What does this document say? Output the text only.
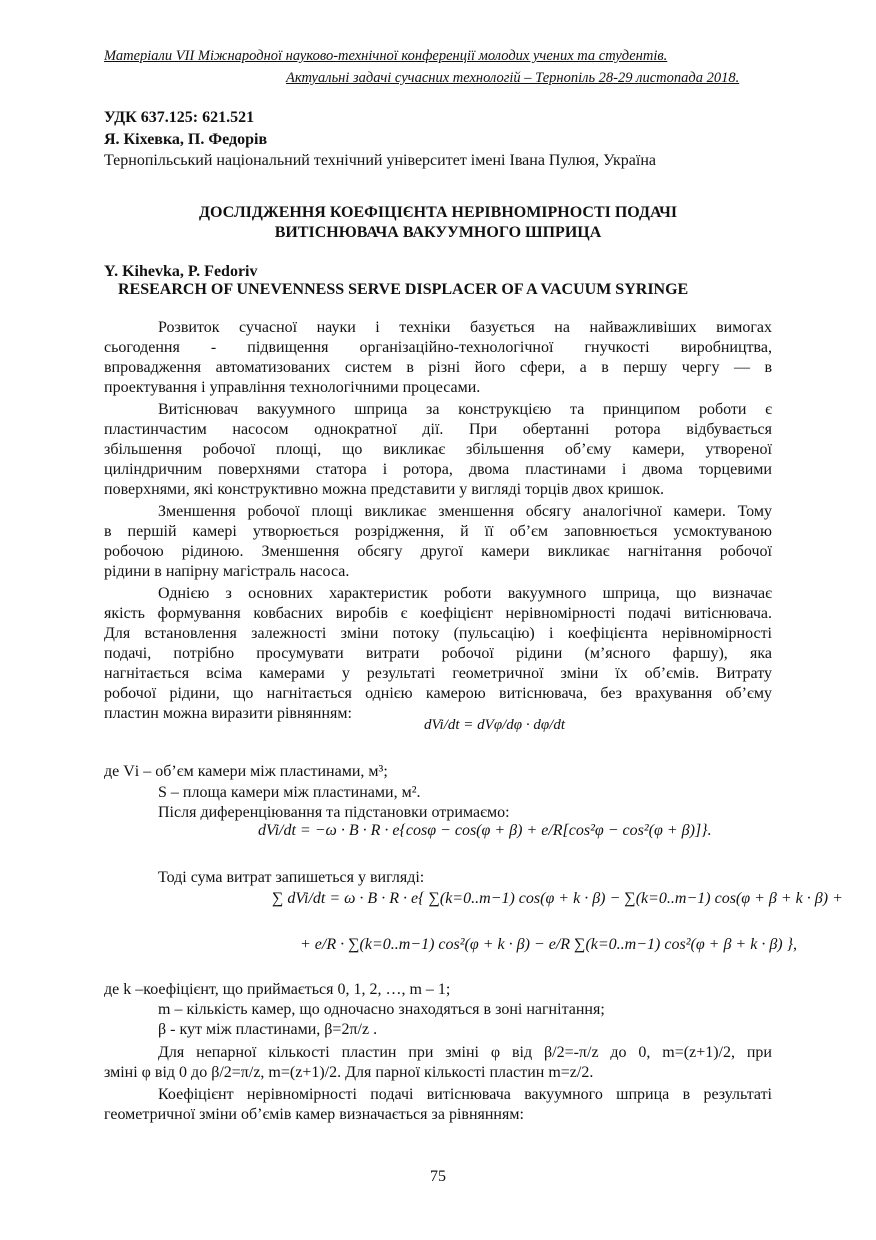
Матеріали VII Міжнародної науково-технічної конференції молодих учених та студентів.
Актуальні задачі сучасних технологій – Тернопіль 28-29 листопада 2018.
УДК 637.125: 621.521
Я. Кіхевка, П. Федорів
Тернопільський національний технічний університет імені Івана Пулюя, Україна
ДОСЛІДЖЕННЯ КОЕФІЦІЄНТА НЕРІВНОМІРНОСТІ ПОДАЧІ
ВИТІСНЮВАЧА ВАКУУМНОГО ШПРИЦА
Y. Kihevka, P. Fedoriv
RESEARCH OF UNEVENNESS SERVE DISPLACER OF A VACUUM SYRINGE
Розвиток сучасної науки і техніки базується на найважливіших вимогах
сьогодення - підвищення організаційно-технологічної гнучкості виробництва,
впровадження автоматизованих систем в різні його сфери, а в першу чергу — в
проектування і управління технологічними процесами.
Витіснювач вакуумного шприца за конструкцією та принципом роботи є
пластинчастим насосом однократної дії. При обертанні ротора відбувається
збільшення робочої площі, що викликає збільшення об’єму камери, утвореної
циліндричним поверхнями статора і ротора, двома пластинами і двома торцевими
поверхнями, які конструктивно можна представити у вигляді торців двох кришок.
Зменшення робочої площі викликає зменшення обсягу аналогічної камери. Тому
в першій камері утворюється розрідження, й її об’єм заповнюється усмоктуваною
робочою рідиною. Зменшення обсягу другої камери викликає нагнітання робочої
рідини в напірну магістраль насоса.
Однією з основних характеристик роботи вакуумного шприца, що визначає
якість формування ковбасних виробів є коефіцієнт нерівномірності подачі витіснювача.
Для встановлення залежності зміни потоку (пульсацію) і коефіцієнта нерівномірності
подачі, потрібно просумувати витрати робочої рідини (м’ясного фаршу), яка
нагнітається всіма камерами у результаті геометричної зміни їх об’ємів. Витрату
робочої рідини, що нагнітається однією камерою витіснювача, без врахування об’єму
пластин можна виразити рівнянням:
dVi/dt = dVφ/dφ · dφ/dt
де Vі – об’єм камери між пластинами, м³;
S – площа камери між пластинами, м².
Після диференціювання та підстановки отримаємо:
dVi/dt = −ω · B · R · e{cosφ − cos(φ + β) + e/R[cos²φ − cos²(φ + β)]}.
Тоді сума витрат запишеться у вигляді:
∑ dVi/dt = ω · B · R · e{ ∑(k=0..m−1) cos(φ + k · β) − ∑(k=0..m−1) cos(φ + β + k · β) +
+ e/R · ∑(k=0..m−1) cos²(φ + k · β) − e/R ∑(k=0..m−1) cos²(φ + β + k · β) },
де k –коефіцієнт, що приймається 0, 1, 2, …, m – 1;
m – кількість камер, що одночасно знаходяться в зоні нагнітання;
β - кут між пластинами, β=2π/z .
Для непарної кількості пластин при зміні φ від β/2=-π/z до 0, m=(z+1)/2, при
зміні φ від 0 до β/2=π/z, m=(z+1)/2. Для парної кількості пластин m=z/2.
Коефіцієнт нерівномірності подачі витіснювача вакуумного шприца в результаті
геометричної зміни об’ємів камер визначається за рівнянням:
75
